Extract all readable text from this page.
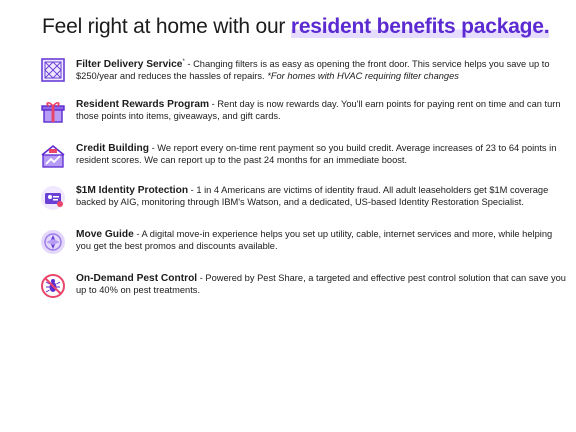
Feel right at home with our resident benefits package.
Filter Delivery Service* - Changing filters is as easy as opening the front door. This service helps you save up to $250/year and reduces the hassles of repairs. *For homes with HVAC requiring filter changes
Resident Rewards Program - Rent day is now rewards day. You'll earn points for paying rent on time and can turn those points into items, giveaways, and gift cards.
Credit Building - We report every on-time rent payment so you build credit. Average increases of 23 to 64 points in resident scores. We can report up to the past 24 months for an immediate boost.
$1M Identity Protection - 1 in 4 Americans are victims of identity fraud. All adult leaseholders get $1M coverage backed by AIG, monitoring through IBM's Watson, and a dedicated, US-based Identity Restoration Specialist.
Move Guide - A digital move-in experience helps you set up utility, cable, internet services and more, while helping you get the best promos and discounts available.
On-Demand Pest Control - Powered by Pest Share, a targeted and effective pest control solution that can save you up to 40% on pest treatments.
